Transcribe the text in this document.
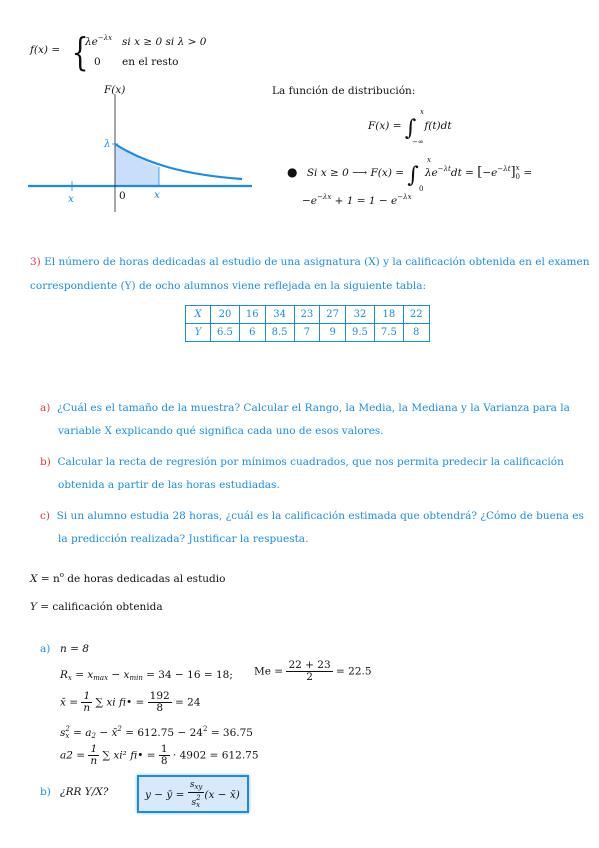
f(x) = {
$\lambda e^{-\lambda x}$ si x ≥ 0 si λ > 0
0 en el resto
F(x)
λ
0	x
x
La función de distribución:
F(x) = ∫
x
−∞
f(t)dt
● Si x ≥ 0 ⟶ F(x) = ∫
x
0
$\lambda e^{-\lambda t}dt = [-e^{-\lambda t}]^x_0$ =
$-e^{-\lambda x} + 1 = 1 - e^{-\lambda x}$
3) El número de horas dedicadas al estudio de una asignatura (X) y la calificación obtenida en el examen
correspondiente (Y) de ocho alumnos viene reflejada en la siguiente tabla:
X	20	16	34	23	27	32	18	22
Y	6.5	6	8.5	7	9	9.5	7.5	8
a) ¿Cuál es el tamaño de la muestra? Calcular el Rango, la Media, la Mediana y la Varianza para la
variable X explicando qué significa cada uno de esos valores.
b) Calcular la recta de regresión por mínimos cuadrados, que nos permita predecir la calificación
obtenida a partir de las horas estudiadas.
c) Si un alumno estudia 28 horas, ¿cuál es la calificación estimada que obtendrá? ¿Cómo de buena es
la predicción realizada? Justificar la respuesta.
$X = n^o$ de horas dedicadas al estudio
Y = calificación obtenida
a) n = 8
$R_x = x_{max} - x_{min} = 34 - 16 = 18$; $Me = \frac{22 + 23}{2} = 22.5$
x̄ = $\frac{1}{n}$ ∑ xi fi• = $\frac{192}{8} = 24$
$s_x^2 = a_2$ − x̄$^2$ = $612.75 - 24^2 = 36.75$
$a2 = \frac{1}{n}$ ∑ xi² fi• = $\frac{1}{8} \cdot 4902 = 612.75$
b) ¿RR Y/X?	y − ȳ = $\frac{s_{xy}}{s_x^2} (x$ − x̄)
